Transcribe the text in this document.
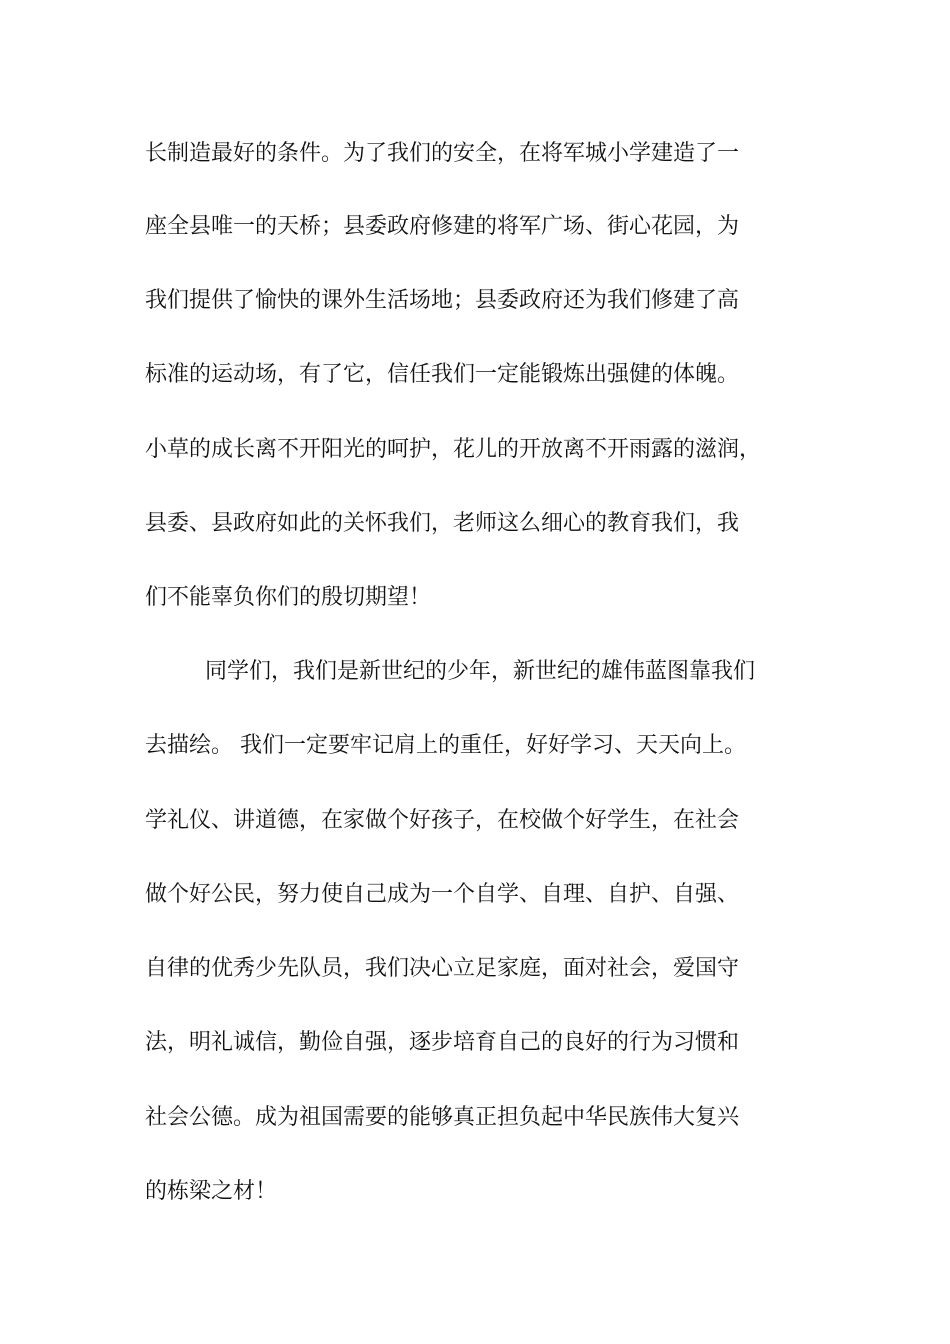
长制造最好的条件。为了我们的安全，在将军城小学建造了一
座全县唯一的天桥；县委政府修建的将军广场、街心花园，为
我们提供了愉快的课外生活场地；县委政府还为我们修建了高
标准的运动场，有了它，信任我们一定能锻炼出强健的体魄。
小草的成长离不开阳光的呵护，花儿的开放离不开雨露的滋润，
县委、县政府如此的关怀我们，老师这么细心的教育我们，我
们不能辜负你们的殷切期望！
同学们，我们是新世纪的少年，新世纪的雄伟蓝图靠我们
去描绘。 我们一定要牢记肩上的重任，好好学习、天天向上。
学礼仪、讲道德，在家做个好孩子，在校做个好学生，在社会
做个好公民，努力使自己成为一个自学、自理、自护、自强、
自律的优秀少先队员，我们决心立足家庭，面对社会，爱国守
法，明礼诚信，勤俭自强，逐步培育自己的良好的行为习惯和
社会公德。成为祖国需要的能够真正担负起中华民族伟大复兴
的栋梁之材！
